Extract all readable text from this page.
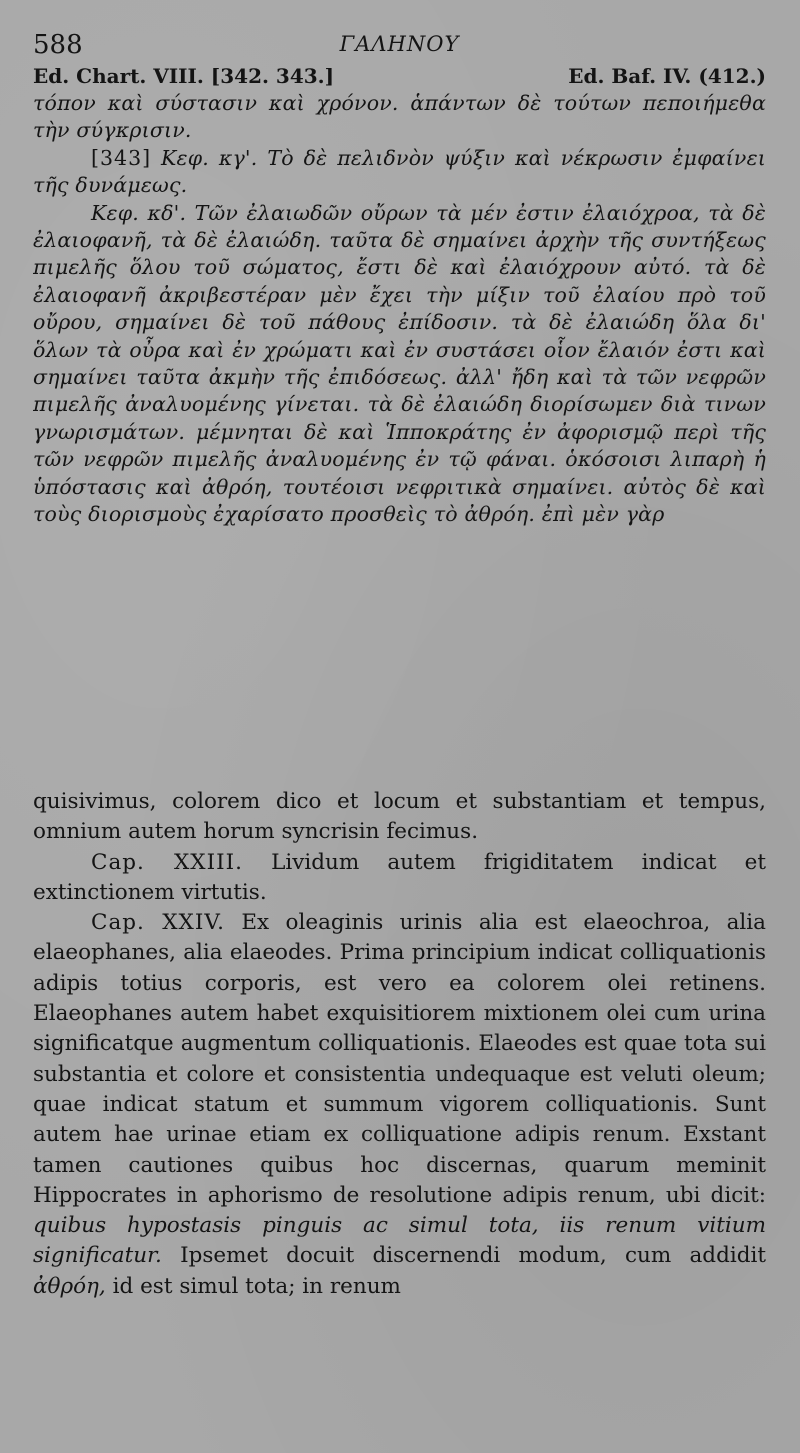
588	ΓΑΛΗΝΟΥ
Ed. Chart. VIII. [342. 343.]	Ed. Baf. IV. (412.)

τόπον καὶ σύστασιν καὶ χρόνον. ἁπάντων δὲ τούτων πεποιήμεθα τὴν σύγκρισιν.

[343] Κεφ. κγ'. Τὸ δὲ πελιδνὸν ψύξιν καὶ νέκρωσιν ἐμφαίνει τῆς δυνάμεως.

Κεφ. κδ'. Τῶν ἐλαιωδῶν οὔρων τὰ μέν ἐστιν ἐλαιόχροα, τὰ δὲ ἐλαιοφανῆ, τὰ δὲ ἐλαιώδη. ταῦτα δὲ σημαίνει ἀρχὴν τῆς συντήξεως πιμελῆς ὅλου τοῦ σώματος, ἔστι δὲ καὶ ἐλαιόχρουν αὐτό. τὰ δὲ ἐλαιοφανῆ ἀκριβεστέραν μὲν ἔχει τὴν μίξιν τοῦ ἐλαίου πρὸ τοῦ οὔρου, σημαίνει δὲ τοῦ πάθους ἐπίδοσιν. τὰ δὲ ἐλαιώδη ὅλα δι' ὅλων τὰ οὖρα καὶ ἐν χρώματι καὶ ἐν συστάσει οἷον ἔλαιόν ἐστι καὶ σημαίνει ταῦτα ἀκμὴν τῆς ἐπιδόσεως. ἀλλ' ἤδη καὶ τὰ τῶν νεφρῶν πιμελῆς ἀναλυομένης γίνεται. τὰ δὲ ἐλαιώδη διορίσωμεν διὰ τινων γνωρισμάτων. μέμνηται δὲ καὶ Ἱπποκράτης ἐν ἀφορισμῷ περὶ τῆς τῶν νεφρῶν πιμελῆς ἀναλυομένης ἐν τῷ φάναι. ὁκόσοισι λιπαρὴ ἡ ὑπόστασις καὶ ἀθρόη, τουτέοισι νεφριτικὰ σημαίνει. αὐτὸς δὲ καὶ τοὺς διορισμοὺς ἐχαρίσατο προσθεὶς τὸ ἀθρόη. ἐπὶ μὲν γὰρ

quisivimus, colorem dico et locum et substantiam et tempus, omnium autem horum syncrisin fecimus.

Cap. XXIII. Lividum autem frigiditatem indicat et extinctionem virtutis.

Cap. XXIV. Ex oleaginis urinis alia est elaeochroa, alia elaeophanes, alia elaeodes. Prima principium indicat colliquationis adipis totius corporis, est vero ea colorem olei retinens. Elaeophanes autem habet exquisitiorem mixtionem olei cum urina significatque augmentum colliquationis. Elaeodes est quae tota sui substantia et colore et consistentia undequaque est veluti oleum; quae indicat statum et summum vigorem colliquationis. Sunt autem hae urinae etiam ex colliquatione adipis renum. Exstant tamen cautiones quibus hoc discernas, quarum meminit Hippocrates in aphorismo de resolutione adipis renum, ubi dicit: quibus hypostasis pinguis ac simul tota, iis renum vitium significatur. Ipsemet docuit discernendi modum, cum addidit ἀθρόη, id est simul tota; in renum
